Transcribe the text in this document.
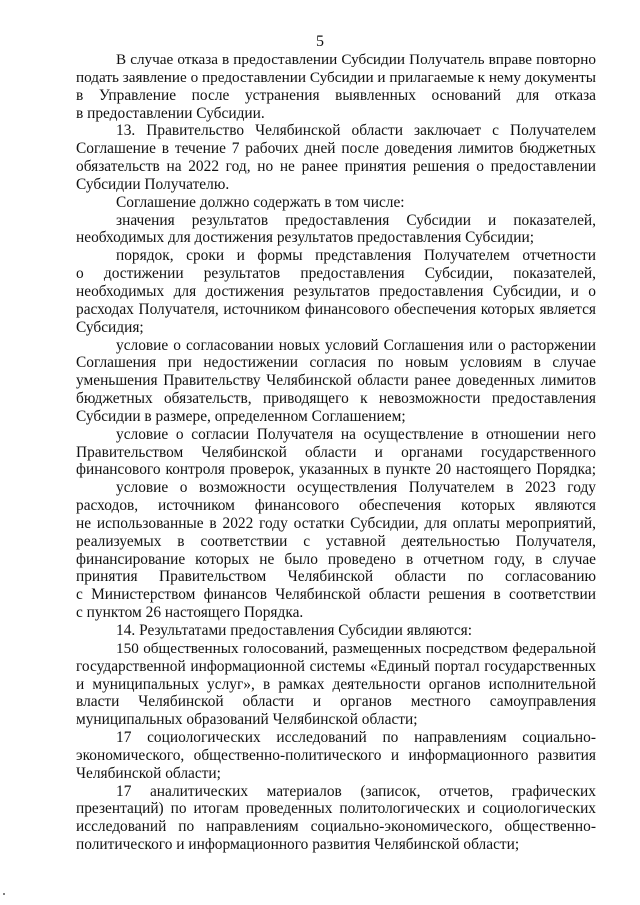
5
В случае отказа в предоставлении Субсидии Получатель вправе повторно
подать заявление о предоставлении Субсидии и прилагаемые к нему документы
в Управление после устранения выявленных оснований для отказа
в предоставлении Субсидии.
13. Правительство Челябинской области заключает с Получателем
Соглашение в течение 7 рабочих дней после доведения лимитов бюджетных
обязательств на 2022 год, но не ранее принятия решения о предоставлении
Субсидии Получателю.
Соглашение должно содержать в том числе:
значения результатов предоставления Субсидии и показателей,
необходимых для достижения результатов предоставления Субсидии;
порядок, сроки и формы представления Получателем отчетности
о достижении результатов предоставления Субсидии, показателей,
необходимых для достижения результатов предоставления Субсидии, и о
расходах Получателя, источником финансового обеспечения которых является
Субсидия;
условие о согласовании новых условий Соглашения или о расторжении
Соглашения при недостижении согласия по новым условиям в случае
уменьшения Правительству Челябинской области ранее доведенных лимитов
бюджетных обязательств, приводящего к невозможности предоставления
Субсидии в размере, определенном Соглашением;
условие о согласии Получателя на осуществление в отношении него
Правительством Челябинской области и органами государственного
финансового контроля проверок, указанных в пункте 20 настоящего Порядка;
условие о возможности осуществления Получателем в 2023 году
расходов, источником финансового обеспечения которых являются
не использованные в 2022 году остатки Субсидии, для оплаты мероприятий,
реализуемых в соответствии с уставной деятельностью Получателя,
финансирование которых не было проведено в отчетном году, в случае
принятия Правительством Челябинской области по согласованию
с Министерством финансов Челябинской области решения в соответствии
с пунктом 26 настоящего Порядка.
14. Результатами предоставления Субсидии являются:
150 общественных голосований, размещенных посредством федеральной
государственной информационной системы «Единый портал государственных
и муниципальных услуг», в рамках деятельности органов исполнительной
власти Челябинской области и органов местного самоуправления
муниципальных образований Челябинской области;
17 социологических исследований по направлениям социально-
экономического, общественно-политического и информационного развития
Челябинской области;
17 аналитических материалов (записок, отчетов, графических
презентаций) по итогам проведенных политологических и социологических
исследований по направлениям социально-экономического, общественно-
политического и информационного развития Челябинской области;
